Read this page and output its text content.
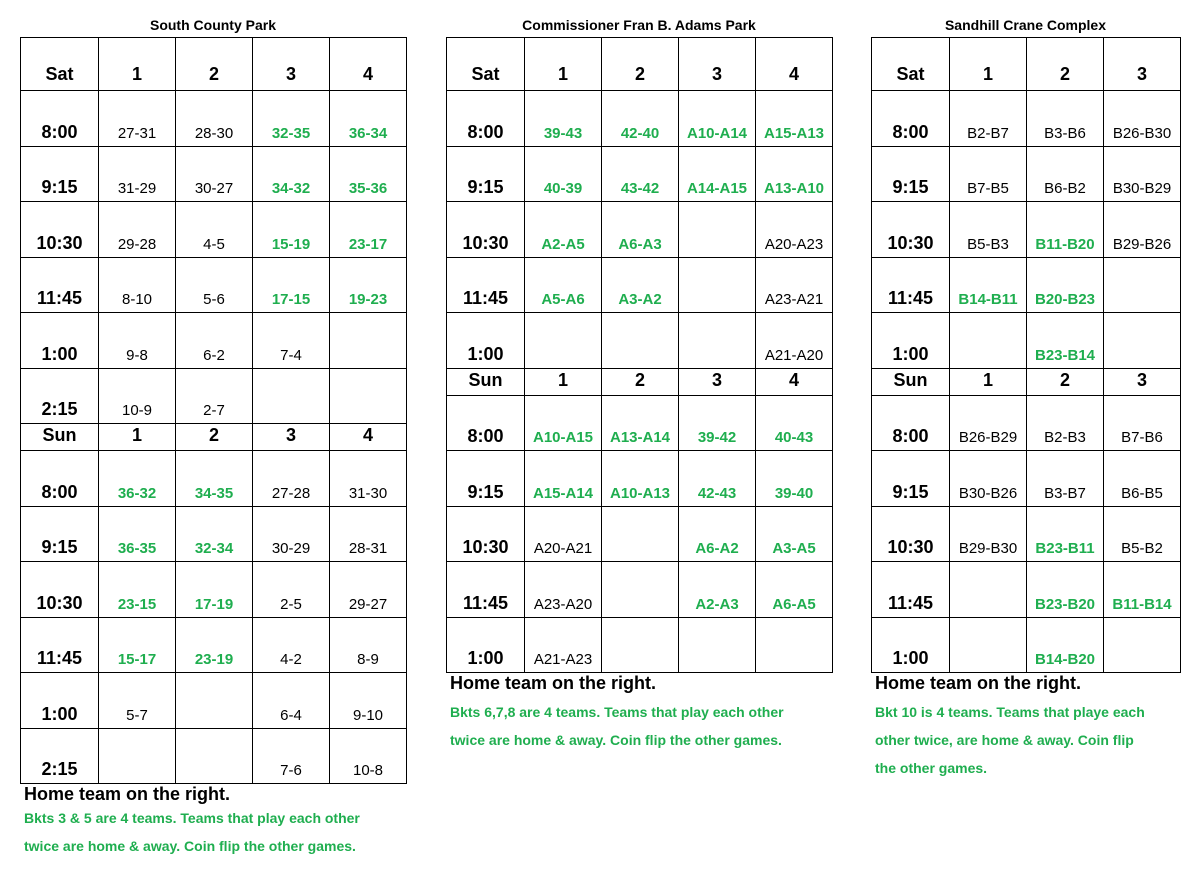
South County Park
Sat	1	2	3	4
8:00	27-31	28-30	32-35	36-34
9:15	31-29	30-27	34-32	35-36
10:30	29-28	4-5	15-19	23-17
11:45	8-10	5-6	17-15	19-23
1:00	9-8	6-2	7-4	
2:15	10-9	2-7		
Sun	1	2	3	4
8:00	36-32	34-35	27-28	31-30
9:15	36-35	32-34	30-29	28-31
10:30	23-15	17-19	2-5	29-27
11:45	15-17	23-19	4-2	8-9
1:00	5-7		6-4	9-10
2:15			7-6	10-8
Home team on the right.
Bkts 3 & 5 are 4 teams. Teams that play each other
twice are home & away. Coin flip the other games.
Commissioner Fran B. Adams Park
Sat	1	2	3	4
8:00	39-43	42-40	A10-A14	A15-A13
9:15	40-39	43-42	A14-A15	A13-A10
10:30	A2-A5	A6-A3		A20-A23
11:45	A5-A6	A3-A2		A23-A21
1:00				A21-A20
Sun	1	2	3	4
8:00	A10-A15	A13-A14	39-42	40-43
9:15	A15-A14	A10-A13	42-43	39-40
10:30	A20-A21		A6-A2	A3-A5
11:45	A23-A20		A2-A3	A6-A5
1:00	A21-A23			
Home team on the right.
Bkts 6,7,8 are 4 teams. Teams that play each other
twice are home & away. Coin flip the other games.
Sandhill Crane Complex
Sat	1	2	3
8:00	B2-B7	B3-B6	B26-B30
9:15	B7-B5	B6-B2	B30-B29
10:30	B5-B3	B11-B20	B29-B26
11:45	B14-B11	B20-B23	
1:00		B23-B14	
Sun	1	2	3
8:00	B26-B29	B2-B3	B7-B6
9:15	B30-B26	B3-B7	B6-B5
10:30	B29-B30	B23-B11	B5-B2
11:45		B23-B20	B11-B14
1:00		B14-B20	
Home team on the right.
Bkt 10 is 4 teams. Teams that playe each
other twice, are home & away. Coin flip
the other games.
